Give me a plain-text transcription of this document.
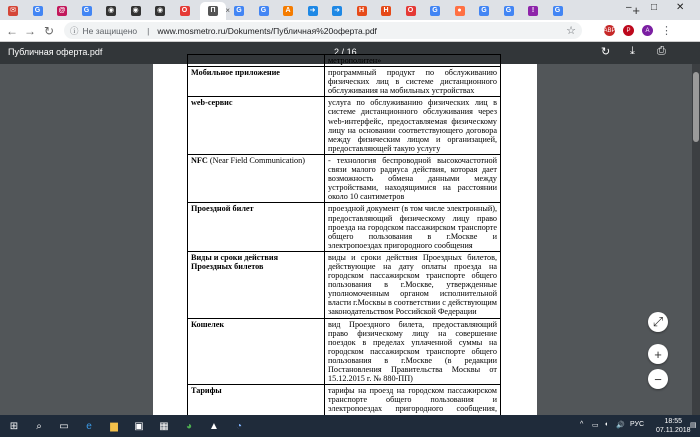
✉	G	@	G	◉	◉	◉	O	П	× G	G	A	➜	➜	H	H	O	G	●	G	G	!	G	+
– □ ✕
← → ↻ ⓘ Не защищено | www.mosmetro.ru/Dokuments/Публичная%20оферта.pdf	☆	ABP	P	A	⋮
Публичная оферта.pdf	2 / 16	↻ ⤓ ⎙
	метрополитен»
Мобильное приложение	программный продукт по обслуживанию физических лиц в системе дистанционного обслуживания на мобильных устройствах
web-сервис	услуга по обслуживанию физических лиц в системе дистанционного обслуживания через web-интерфейс, предоставляемая физическому лицу на основании соответствующего договора между физическим лицом и организацией, предоставляющей такую услугу
NFC (Near Field Communication)	- технология беспроводной высокочастотной связи малого радиуса действия, которая дает возможность обмена данными между устройствами, находящимися на расстоянии около 10 сантиметров
Проездной билет	проездной документ (в том числе электронный), предоставляющий физическому лицу право проезда на городском пассажирском транспорте общего пользования в г.Москве и электропоездах пригородного сообщения
Виды и сроки действия Проездных билетов	виды и сроки действия Проездных билетов, действующие на дату оплаты проезда на городском пассажирском транспорте общего пользования в г.Москве, утвержденные уполномоченным органом исполнительной власти г.Москвы в соответствии с действующим законодательством Российской Федерации
Кошелек	вид Проездного билета, предоставляющий право физическому лицу на совершение поездок в пределах уплаченной суммы на городском пассажирском транспорте общего пользования в г.Москве (в редакции Постановления Правительства Москвы от 15.12.2015 г. № 880-ПП)
Тарифы	тарифы на проезд на городском пассажирском транспорте общего пользования и электропоездах пригородного сообщения,
⤢
+
−
⊞	⌕	▭	e	▆	▣	▦	◕	▲	◔	^ ▭ ◖ 🔊 РУС	18:55
07.11.2018
▤
